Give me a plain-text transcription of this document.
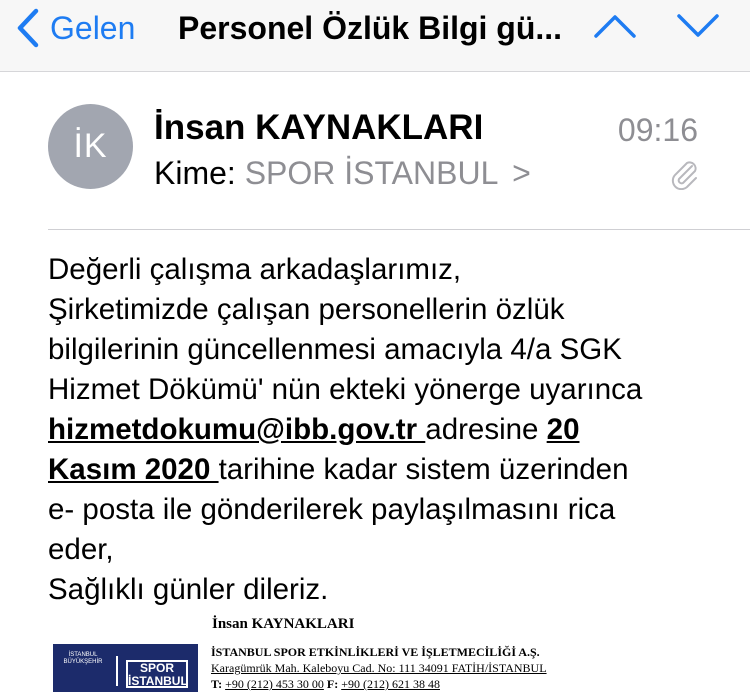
Gelen Personel Özlük Bilgi gü...
İK	İnsan KAYNAKLARI	09:16
Kime: SPOR İSTANBUL >

Değerli çalışma arkadaşlarımız,

Şirketimizde çalışan personellerin özlük

bilgilerinin güncellenmesi amacıyla 4/a SGK

Hizmet Dökümü' nün ekteki yönerge uyarınca

hizmetdokumu@ibb.gov.tr adresine 20

Kasım 2020 tarihine kadar sistem üzerinden

e- posta ile gönderilerek paylaşılmasını rica

eder,

Sağlıklı günler dileriz.

İnsan KAYNAKLARI
İSTANBUL BÜYÜKŞEHİR	SPOR
İSTANBUL
İSTANBUL SPOR ETKİNLİKLERİ VE İŞLETMECİLİĞİ A.Ş.
Karagümrük Mah. Kaleboyu Cad. No: 111 34091 FATİH/İSTANBUL
T: +90 (212) 453 30 00 F: +90 (212) 621 38 48
